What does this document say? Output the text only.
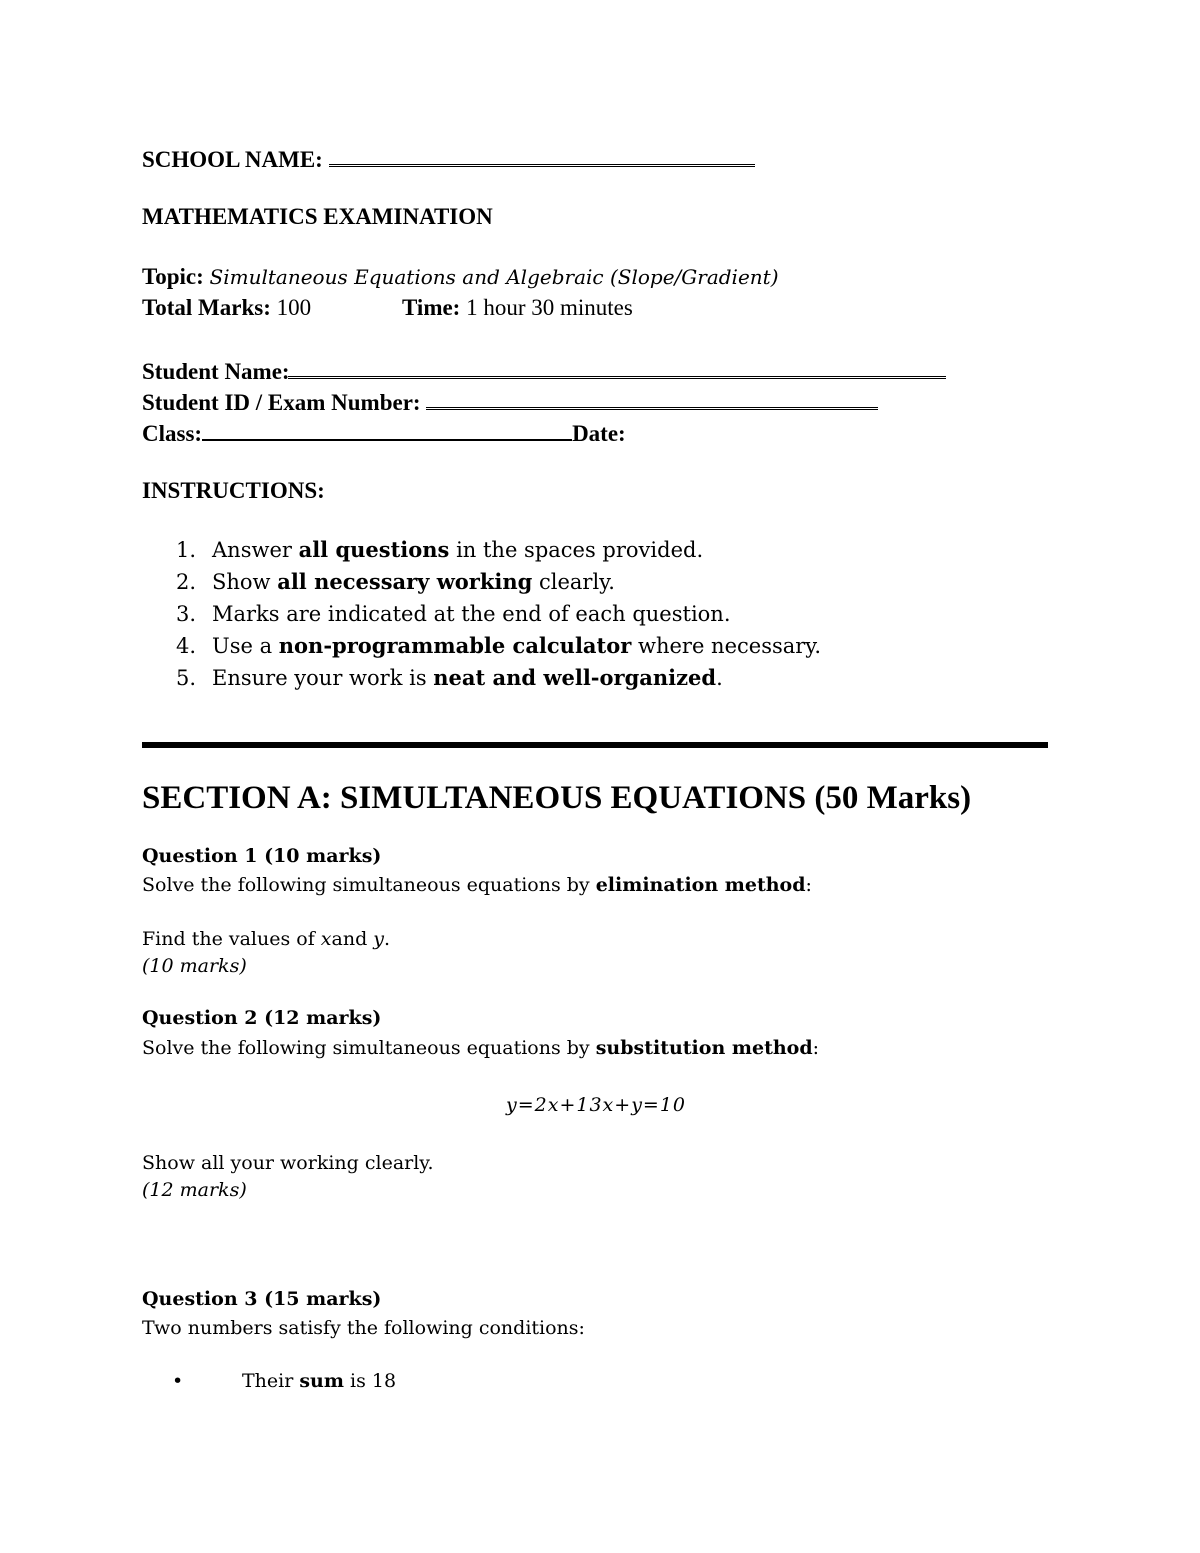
SCHOOL NAME:
MATHEMATICS EXAMINATION
Topic: Simultaneous Equations and Algebraic (Slope/Gradient)
Total Marks: 100	Time: 1 hour 30 minutes
Student Name:
Student ID / Exam Number:
Class:	Date:
INSTRUCTIONS:
1. Answer all questions in the spaces provided.
2. Show all necessary working clearly.
3. Marks are indicated at the end of each question.
4. Use a non-programmable calculator where necessary.
5. Ensure your work is neat and well-organized.
SECTION A: SIMULTANEOUS EQUATIONS (50 Marks)
Question 1 (10 marks)
Solve the following simultaneous equations by elimination method:
Find the values of xand y.
(10 marks)
Question 2 (12 marks)
Solve the following simultaneous equations by substitution method:
y=2x+13x+y=10
Show all your working clearly.
(12 marks)
Question 3 (15 marks)
Two numbers satisfy the following conditions:
•	Their sum is 18
